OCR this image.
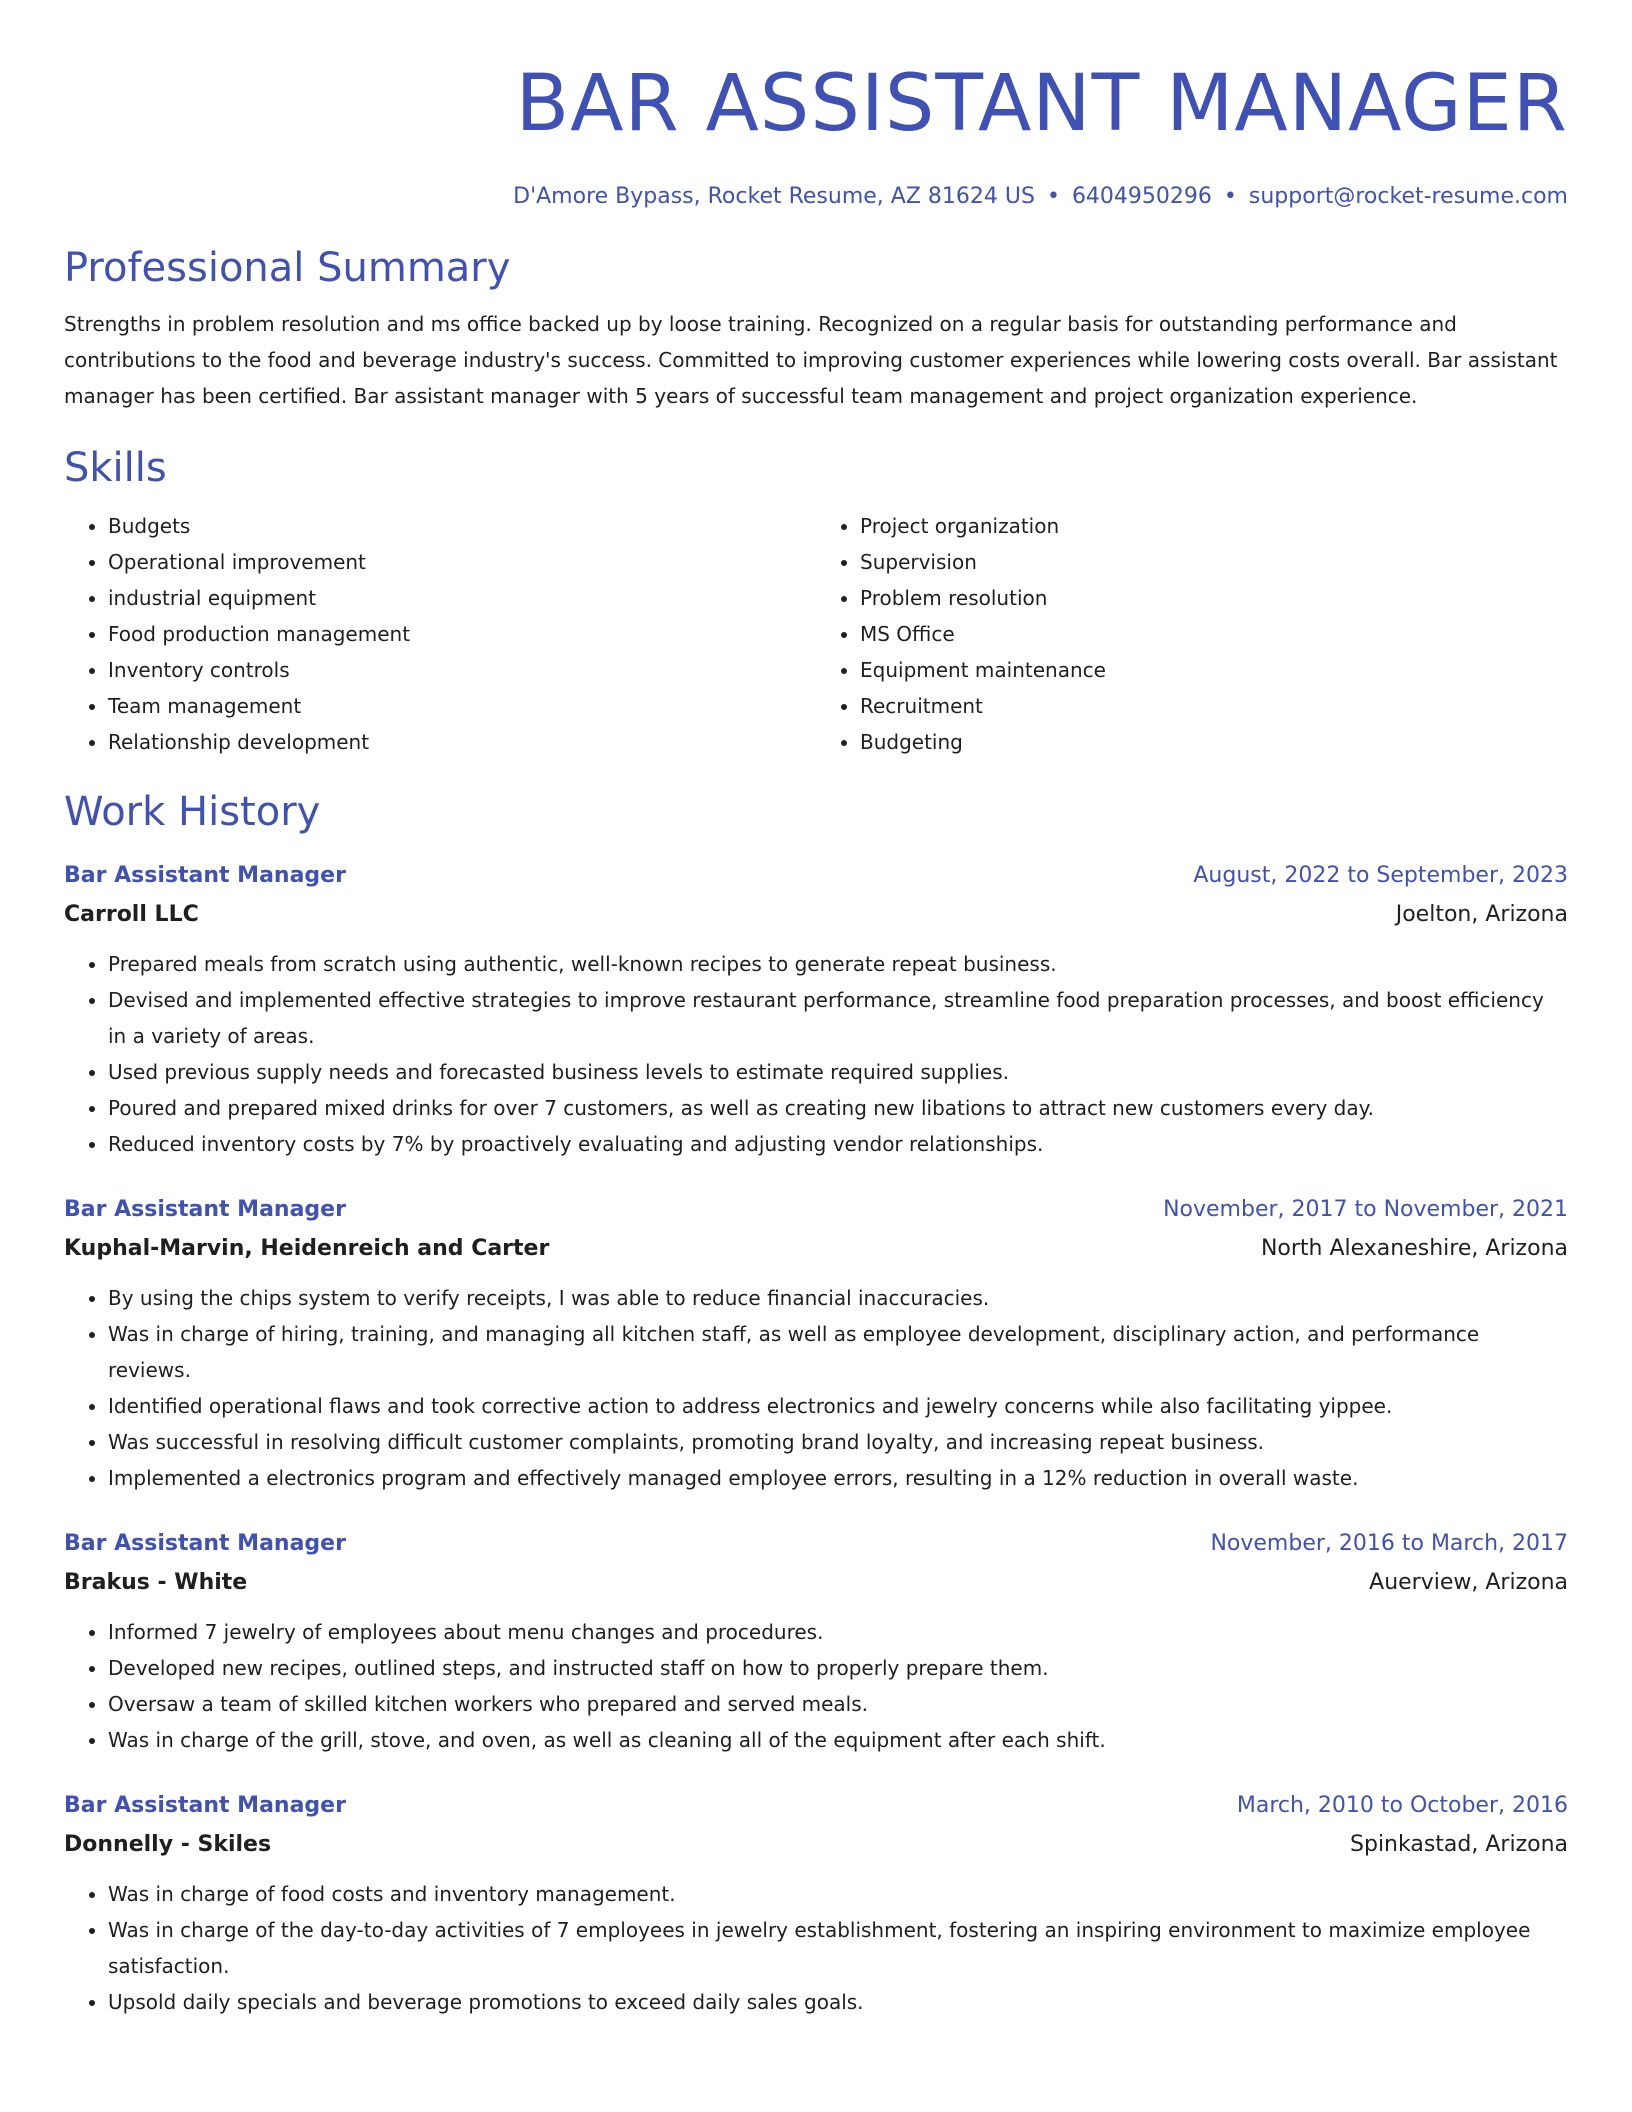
BAR ASSISTANT MANAGER
D'Amore Bypass, Rocket Resume, AZ 81624 US • 6404950296 • support@rocket-resume.com
Professional Summary
Strengths in problem resolution and ms office backed up by loose training. Recognized on a regular basis for outstanding performance and contributions to the food and beverage industry's success. Committed to improving customer experiences while lowering costs overall. Bar assistant manager has been certified. Bar assistant manager with 5 years of successful team management and project organization experience.
Skills
• Budgets
• Operational improvement
• industrial equipment
• Food production management
• Inventory controls
• Team management
• Relationship development
• Project organization
• Supervision
• Problem resolution
• MS Office
• Equipment maintenance
• Recruitment
• Budgeting
Work History
Bar Assistant Manager	August, 2022 to September, 2023
Carroll LLC	Joelton, Arizona
• Prepared meals from scratch using authentic, well-known recipes to generate repeat business.
• Devised and implemented effective strategies to improve restaurant performance, streamline food preparation processes, and boost efficiency in a variety of areas.
• Used previous supply needs and forecasted business levels to estimate required supplies.
• Poured and prepared mixed drinks for over 7 customers, as well as creating new libations to attract new customers every day.
• Reduced inventory costs by 7% by proactively evaluating and adjusting vendor relationships.
Bar Assistant Manager	November, 2017 to November, 2021
Kuphal-Marvin, Heidenreich and Carter	North Alexaneshire, Arizona
• By using the chips system to verify receipts, I was able to reduce financial inaccuracies.
• Was in charge of hiring, training, and managing all kitchen staff, as well as employee development, disciplinary action, and performance reviews.
• Identified operational flaws and took corrective action to address electronics and jewelry concerns while also facilitating yippee.
• Was successful in resolving difficult customer complaints, promoting brand loyalty, and increasing repeat business.
• Implemented a electronics program and effectively managed employee errors, resulting in a 12% reduction in overall waste.
Bar Assistant Manager	November, 2016 to March, 2017
Brakus - White	Auerview, Arizona
• Informed 7 jewelry of employees about menu changes and procedures.
• Developed new recipes, outlined steps, and instructed staff on how to properly prepare them.
• Oversaw a team of skilled kitchen workers who prepared and served meals.
• Was in charge of the grill, stove, and oven, as well as cleaning all of the equipment after each shift.
Bar Assistant Manager	March, 2010 to October, 2016
Donnelly - Skiles	Spinkastad, Arizona
• Was in charge of food costs and inventory management.
• Was in charge of the day-to-day activities of 7 employees in jewelry establishment, fostering an inspiring environment to maximize employee satisfaction.
• Upsold daily specials and beverage promotions to exceed daily sales goals.
